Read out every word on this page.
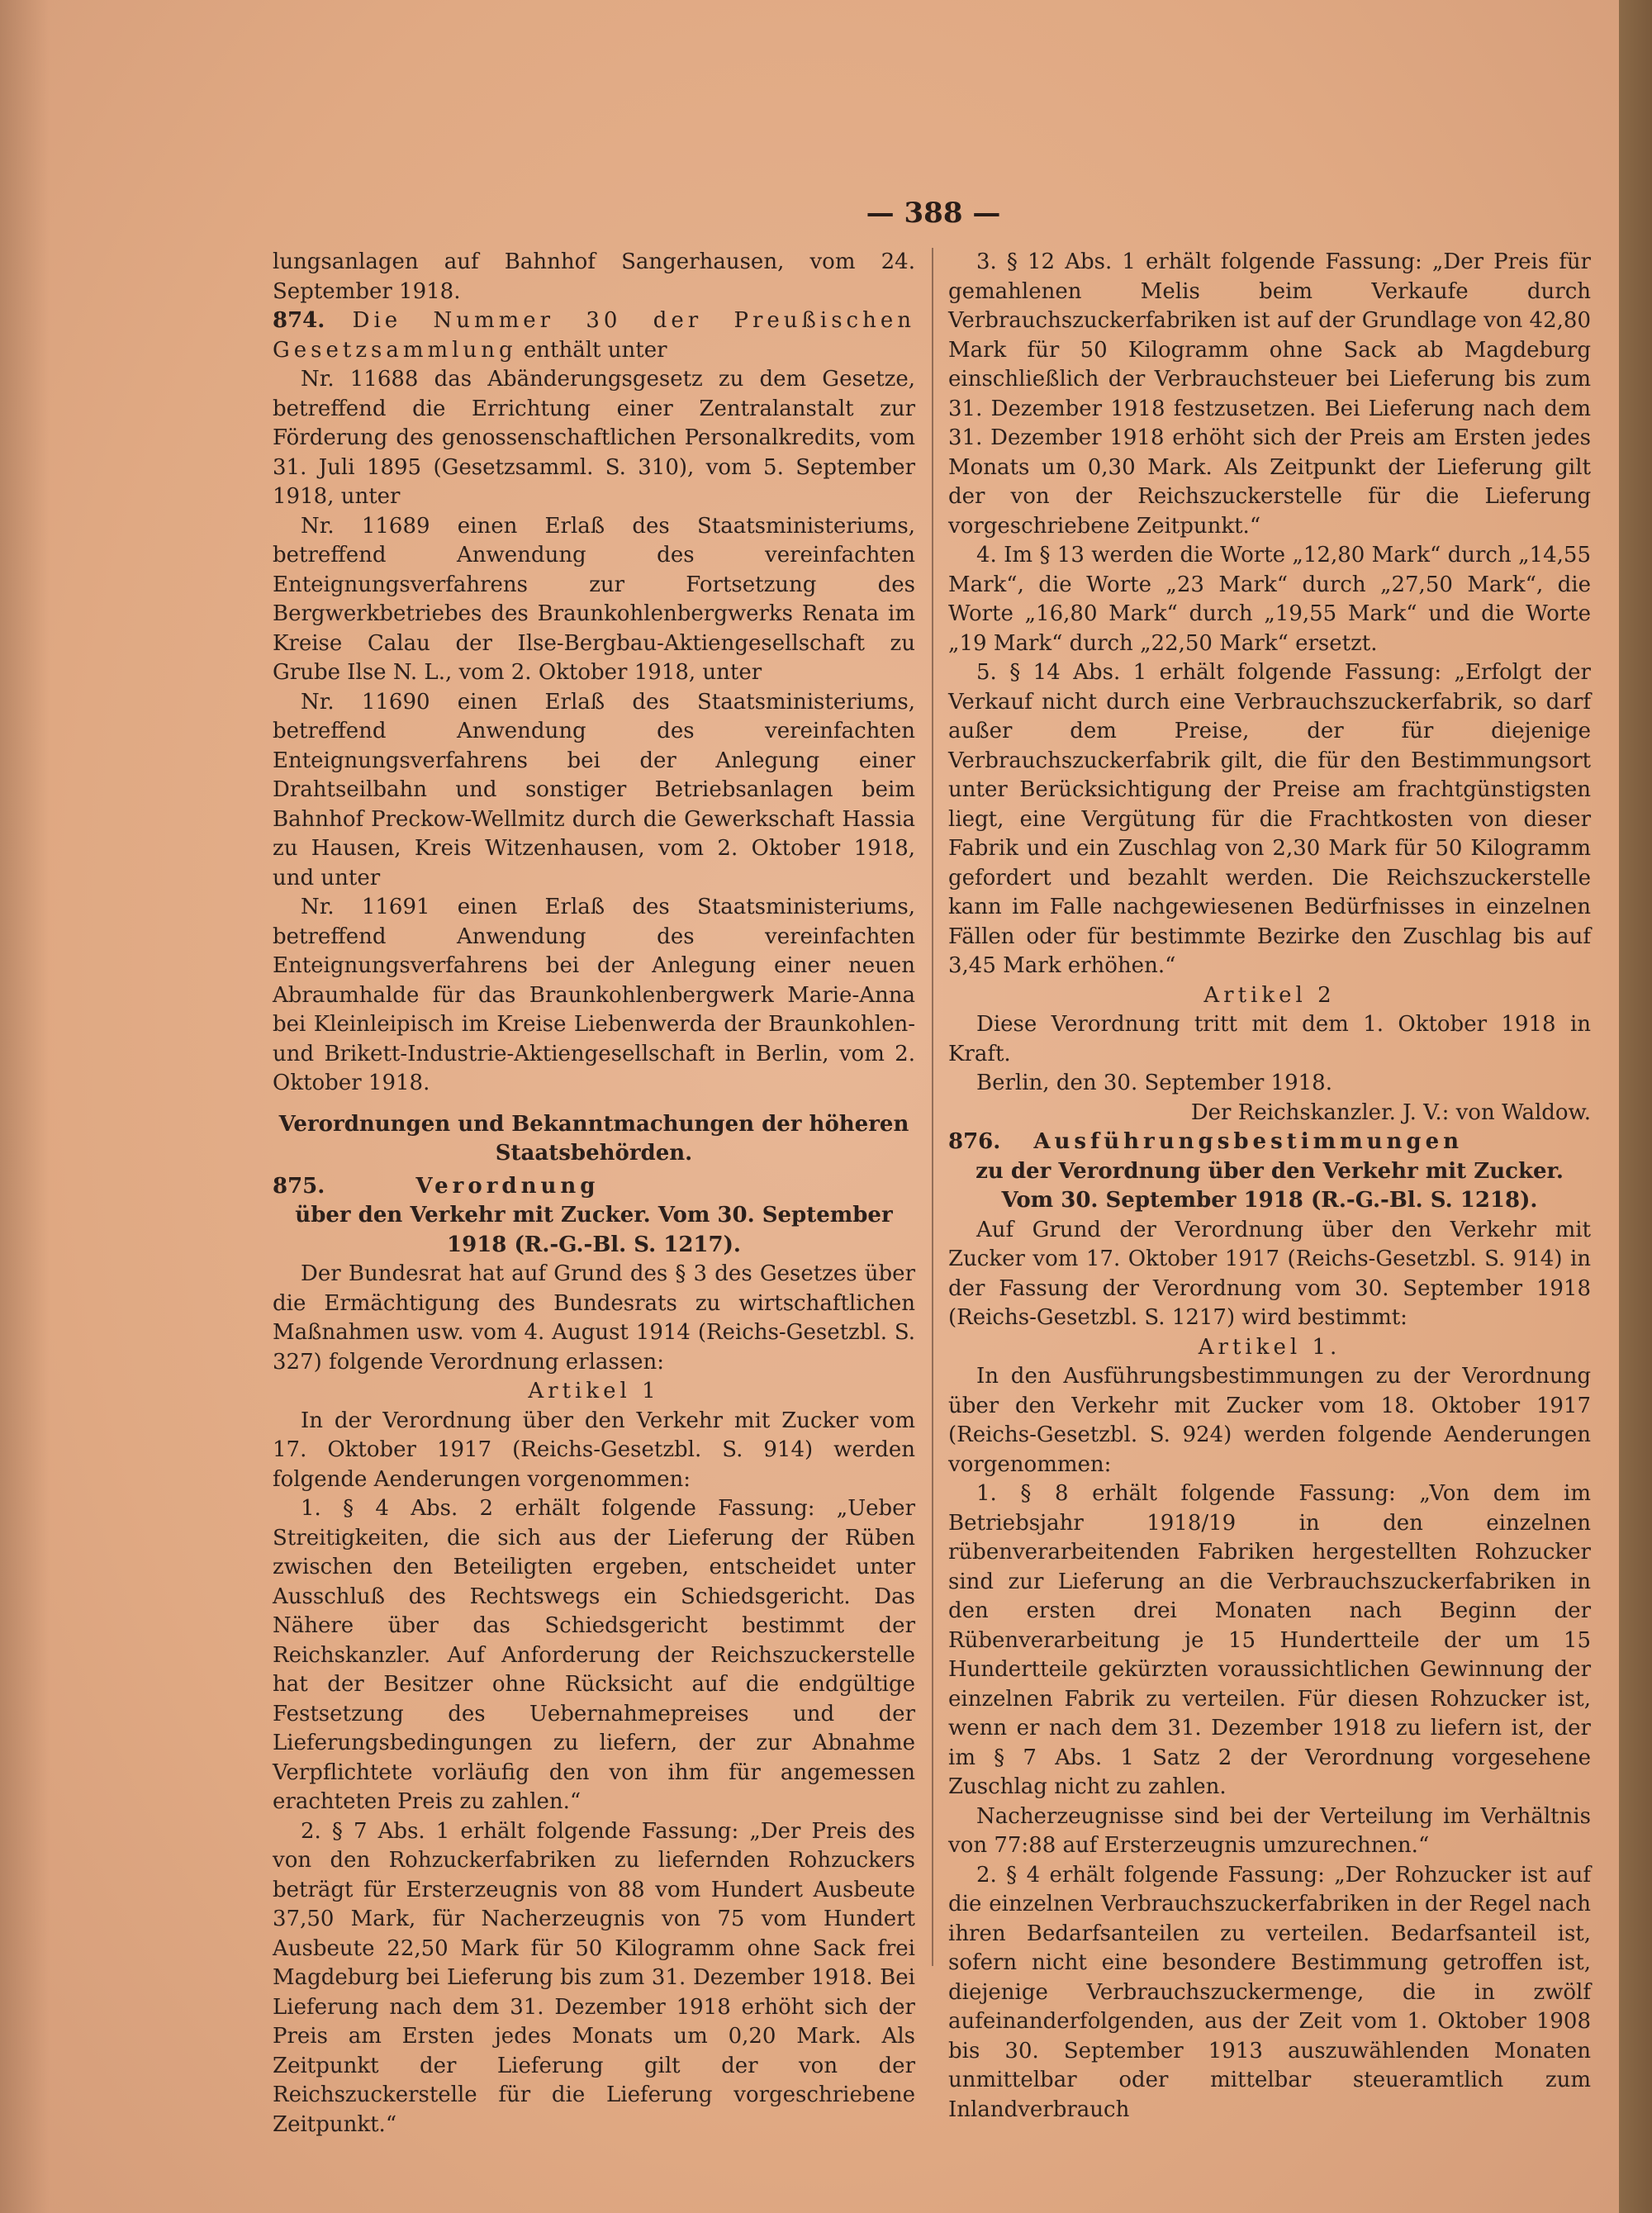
— 388 —

lungsanlagen auf Bahnhof Sangerhausen, vom 24. September 1918.

874. Die Nummer 30 der Preußischen Gesetzsammlung enthält unter

Nr. 11688 das Abänderungsgesetz zu dem Gesetze, betreffend die Errichtung einer Zentralanstalt zur Förderung des genossenschaftlichen Personalkredits, vom 31. Juli 1895 (Gesetzsamml. S. 310), vom 5. September 1918, unter

Nr. 11689 einen Erlaß des Staatsministeriums, betreffend Anwendung des vereinfachten Enteignungsverfahrens zur Fortsetzung des Bergwerkbetriebes des Braunkohlenbergwerks Renata im Kreise Calau der Ilse-Bergbau-Aktiengesellschaft zu Grube Ilse N. L., vom 2. Oktober 1918, unter

Nr. 11690 einen Erlaß des Staatsministeriums, betreffend Anwendung des vereinfachten Enteignungsverfahrens bei der Anlegung einer Drahtseilbahn und sonstiger Betriebsanlagen beim Bahnhof Preckow-Wellmitz durch die Gewerkschaft Hassia zu Hausen, Kreis Witzenhausen, vom 2. Oktober 1918, und unter

Nr. 11691 einen Erlaß des Staatsministeriums, betreffend Anwendung des vereinfachten Enteignungsverfahrens bei der Anlegung einer neuen Abraumhalde für das Braunkohlenbergwerk Marie-Anna bei Kleinleipisch im Kreise Liebenwerda der Braunkohlen- und Brikett-Industrie-Aktiengesellschaft in Berlin, vom 2. Oktober 1918.

Verordnungen und Bekanntmachungen der höheren Staatsbehörden.

875.	Verordnung

über den Verkehr mit Zucker. Vom 30. September 1918 (R.-G.-Bl. S. 1217).

Der Bundesrat hat auf Grund des § 3 des Gesetzes über die Ermächtigung des Bundesrats zu wirtschaftlichen Maßnahmen usw. vom 4. August 1914 (Reichs-Gesetzbl. S. 327) folgende Verordnung erlassen:

Artikel 1

In der Verordnung über den Verkehr mit Zucker vom 17. Oktober 1917 (Reichs-Gesetzbl. S. 914) werden folgende Aenderungen vorgenommen:

1. § 4 Abs. 2 erhält folgende Fassung: „Ueber Streitigkeiten, die sich aus der Lieferung der Rüben zwischen den Beteiligten ergeben, entscheidet unter Ausschluß des Rechtswegs ein Schiedsgericht. Das Nähere über das Schiedsgericht bestimmt der Reichskanzler. Auf Anforderung der Reichszuckerstelle hat der Besitzer ohne Rücksicht auf die endgültige Festsetzung des Uebernahmepreises und der Lieferungsbedingungen zu liefern, der zur Abnahme Verpflichtete vorläufig den von ihm für angemessen erachteten Preis zu zahlen.“

2. § 7 Abs. 1 erhält folgende Fassung: „Der Preis des von den Rohzuckerfabriken zu liefernden Rohzuckers beträgt für Ersterzeugnis von 88 vom Hundert Ausbeute 37,50 Mark, für Nacherzeugnis von 75 vom Hundert Ausbeute 22,50 Mark für 50 Kilogramm ohne Sack frei Magdeburg bei Lieferung bis zum 31. Dezember 1918. Bei Lieferung nach dem 31. Dezember 1918 erhöht sich der Preis am Ersten jedes Monats um 0,20 Mark. Als Zeitpunkt der Lieferung gilt der von der Reichszuckerstelle für die Lieferung vorgeschriebene Zeitpunkt.“

3. § 12 Abs. 1 erhält folgende Fassung: „Der Preis für gemahlenen Melis beim Verkaufe durch Verbrauchszuckerfabriken ist auf der Grundlage von 42,80 Mark für 50 Kilogramm ohne Sack ab Magdeburg einschließlich der Verbrauchsteuer bei Lieferung bis zum 31. Dezember 1918 festzusetzen. Bei Lieferung nach dem 31. Dezember 1918 erhöht sich der Preis am Ersten jedes Monats um 0,30 Mark. Als Zeitpunkt der Lieferung gilt der von der Reichszuckerstelle für die Lieferung vorgeschriebene Zeitpunkt.“

4. Im § 13 werden die Worte „12,80 Mark“ durch „14,55 Mark“, die Worte „23 Mark“ durch „27,50 Mark“, die Worte „16,80 Mark“ durch „19,55 Mark“ und die Worte „19 Mark“ durch „22,50 Mark“ ersetzt.

5. § 14 Abs. 1 erhält folgende Fassung: „Erfolgt der Verkauf nicht durch eine Verbrauchszuckerfabrik, so darf außer dem Preise, der für diejenige Verbrauchszuckerfabrik gilt, die für den Bestimmungsort unter Berücksichtigung der Preise am frachtgünstigsten liegt, eine Vergütung für die Frachtkosten von dieser Fabrik und ein Zuschlag von 2,30 Mark für 50 Kilogramm gefordert und bezahlt werden. Die Reichszuckerstelle kann im Falle nachgewiesenen Bedürfnisses in einzelnen Fällen oder für bestimmte Bezirke den Zuschlag bis auf 3,45 Mark erhöhen.“

Artikel 2

Diese Verordnung tritt mit dem 1. Oktober 1918 in Kraft.

Berlin, den 30. September 1918.

Der Reichskanzler. J. V.: von Waldow.

876. Ausführungsbestimmungen

zu der Verordnung über den Verkehr mit Zucker.

Vom 30. September 1918 (R.-G.-Bl. S. 1218).

Auf Grund der Verordnung über den Verkehr mit Zucker vom 17. Oktober 1917 (Reichs-Gesetzbl. S. 914) in der Fassung der Verordnung vom 30. September 1918 (Reichs-Gesetzbl. S. 1217) wird bestimmt:

Artikel 1.

In den Ausführungsbestimmungen zu der Verordnung über den Verkehr mit Zucker vom 18. Oktober 1917 (Reichs-Gesetzbl. S. 924) werden folgende Aenderungen vorgenommen:

1. § 8 erhält folgende Fassung: „Von dem im Betriebsjahr 1918/19 in den einzelnen rübenverarbeitenden Fabriken hergestellten Rohzucker sind zur Lieferung an die Verbrauchszuckerfabriken in den ersten drei Monaten nach Beginn der Rübenverarbeitung je 15 Hundertteile der um 15 Hundertteile gekürzten voraussichtlichen Gewinnung der einzelnen Fabrik zu verteilen. Für diesen Rohzucker ist, wenn er nach dem 31. Dezember 1918 zu liefern ist, der im § 7 Abs. 1 Satz 2 der Verordnung vorgesehene Zuschlag nicht zu zahlen.

Nacherzeugnisse sind bei der Verteilung im Verhältnis von 77:88 auf Ersterzeugnis umzurechnen.“

2. § 4 erhält folgende Fassung: „Der Rohzucker ist auf die einzelnen Verbrauchszuckerfabriken in der Regel nach ihren Bedarfsanteilen zu verteilen. Bedarfsanteil ist, sofern nicht eine besondere Bestimmung getroffen ist, diejenige Verbrauchszuckermenge, die in zwölf aufeinanderfolgenden, aus der Zeit vom 1. Oktober 1908 bis 30. September 1913 auszuwählenden Monaten unmittelbar oder mittelbar steueramtlich zum Inlandverbrauch
